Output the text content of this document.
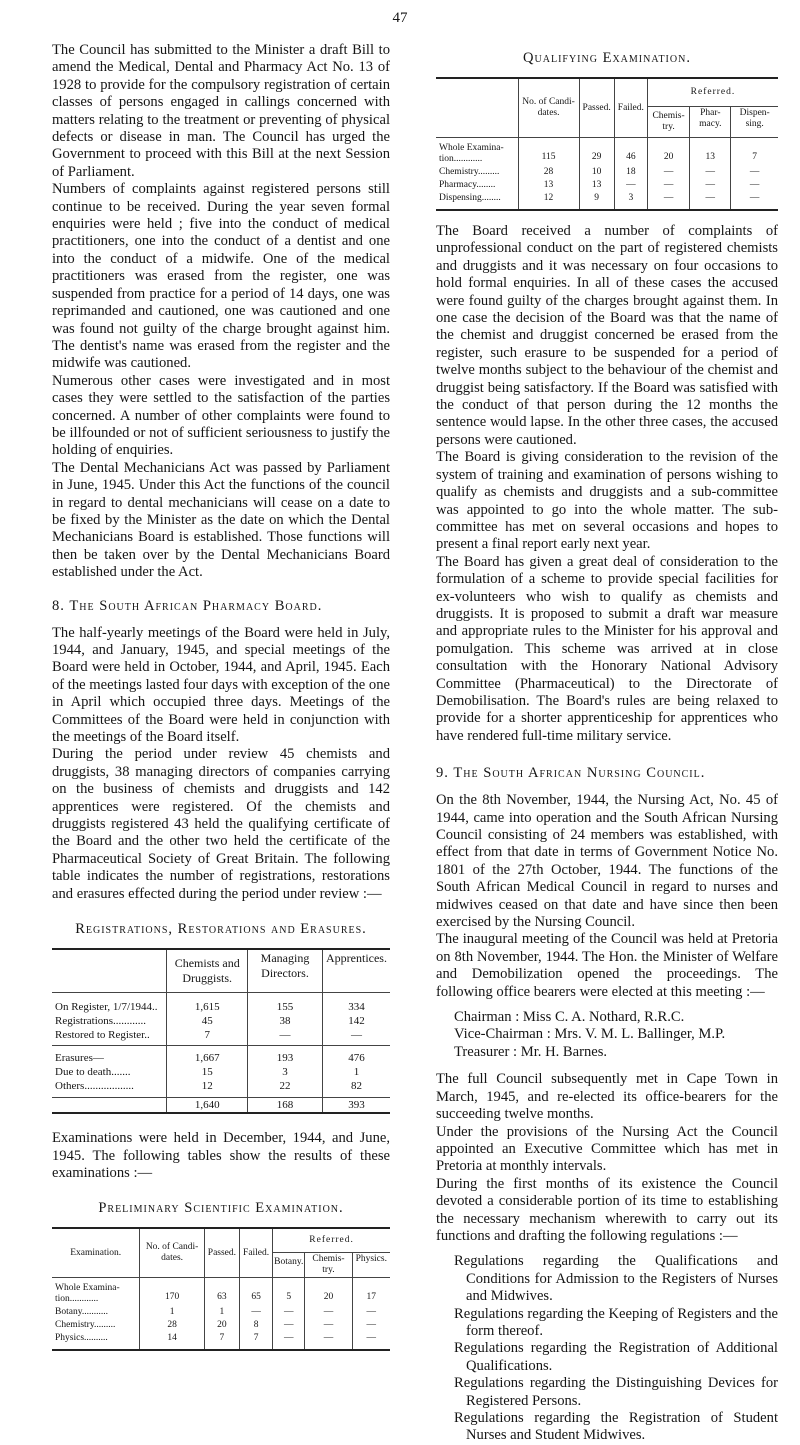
47

The Council has submitted to the Minister a draft Bill to amend the Medical, Dental and Pharmacy Act No. 13 of 1928 to provide for the compulsory registration of certain classes of persons engaged in callings concerned with matters relating to the treatment or preventing of physical defects or disease in man. The Council has urged the Government to proceed with this Bill at the next Session of Parliament.

Numbers of complaints against registered persons still continue to be received. During the year seven formal enquiries were held ; five into the conduct of medical practitioners, one into the conduct of a dentist and one into the conduct of a midwife. One of the medical practitioners was erased from the register, one was suspended from practice for a period of 14 days, one was reprimanded and cautioned, one was cautioned and one was found not guilty of the charge brought against him. The dentist's name was erased from the register and the midwife was cautioned.

Numerous other cases were investigated and in most cases they were settled to the satisfaction of the parties concerned. A number of other complaints were found to be illfounded or not of sufficient seriousness to justify the holding of enquiries.

The Dental Mechanicians Act was passed by Parliament in June, 1945. Under this Act the functions of the council in regard to dental mechanicians will cease on a date to be fixed by the Minister as the date on which the Dental Mechanicians Board is established. Those functions will then be taken over by the Dental Mechanicians Board established under the Act.

8. The South African Pharmacy Board.

The half-yearly meetings of the Board were held in July, 1944, and January, 1945, and special meetings of the Board were held in October, 1944, and April, 1945. Each of the meetings lasted four days with exception of the one in April which occupied three days. Meetings of the Committees of the Board were held in conjunction with the meetings of the Board itself.

During the period under review 45 chemists and druggists, 38 managing directors of companies carrying on the business of chemists and druggists and 142 apprentices were registered. Of the chemists and druggists registered 43 held the qualifying certificate of the Board and the other two held the certificate of the Pharmaceutical Society of Great Britain. The following table indicates the number of registrations, restorations and erasures effected during the period under review :—

Registrations, Restorations and Erasures.
	Chemists and Druggists.	Managing Directors.	Apprentices.
On Register, 1/7/1944..	1,615	155	334
Registrations............	45	38	142
Restored to Register..	7	—	—
Erasures—	1,667	193	476
Due to death.......	15	3	1
Others..................	12	22	82
	1,640	168	393

Examinations were held in December, 1944, and June, 1945. The following tables show the results of these examinations :—

Preliminary Scientific Examination.
Examination.	No. of Candi-dates.	Passed.	Failed.	Referred.		
				Botany.	Chemis-try.	Physics.
Whole Examina-tion............	170	63	65	5	20	17
Botany...........	1	1	—	—	—	—
Chemistry.........	28	20	8	—	—	—
Physics..........	14	7	7	—	—	—
Qualifying Examination.
	No. of Candi-dates.	Passed.	Failed.	Referred.		
				Chemis-try.	Phar-macy.	Dispen-sing.
Whole Examina-tion............	115	29	46	20	13	7
Chemistry.........	28	10	18	—	—	—
Pharmacy........	13	13	—	—	—	—
Dispensing........	12	9	3	—	—	—

The Board received a number of complaints of unprofessional conduct on the part of registered chemists and druggists and it was necessary on four occasions to hold formal enquiries. In all of these cases the accused were found guilty of the charges brought against them. In one case the decision of the Board was that the name of the chemist and druggist concerned be erased from the register, such erasure to be suspended for a period of twelve months subject to the behaviour of the chemist and druggist being satisfactory. If the Board was satisfied with the conduct of that person during the 12 months the sentence would lapse. In the other three cases, the accused persons were cautioned.

The Board is giving consideration to the revision of the system of training and examination of persons wishing to qualify as chemists and druggists and a sub-committee was appointed to go into the whole matter. The sub-committee has met on several occasions and hopes to present a final report early next year.

The Board has given a great deal of consideration to the formulation of a scheme to provide special facilities for ex-volunteers who wish to qualify as chemists and druggists. It is proposed to submit a draft war measure and appropriate rules to the Minister for his approval and pomulgation. This scheme was arrived at in close consultation with the Honorary National Advisory Committee (Pharmaceutical) to the Directorate of Demobilisation. The Board's rules are being relaxed to provide for a shorter apprenticeship for apprentices who have rendered full-time military service.

9. The South African Nursing Council.

On the 8th November, 1944, the Nursing Act, No. 45 of 1944, came into operation and the South African Nursing Council consisting of 24 members was established, with effect from that date in terms of Government Notice No. 1801 of the 27th October, 1944. The functions of the South African Medical Council in regard to nurses and midwives ceased on that date and have since then been exercised by the Nursing Council.

The inaugural meeting of the Council was held at Pretoria on 8th November, 1944. The Hon. the Minister of Welfare and Demobilization opened the proceedings. The following office bearers were elected at this meeting :—

Chairman : Miss C. A. Nothard, R.R.C.

Vice-Chairman : Mrs. V. M. L. Ballinger, M.P.

Treasurer : Mr. H. Barnes.

The full Council subsequently met in Cape Town in March, 1945, and re-elected its office-bearers for the succeeding twelve months.

Under the provisions of the Nursing Act the Council appointed an Executive Committee which has met in Pretoria at monthly intervals.

During the first months of its existence the Council devoted a considerable portion of its time to establishing the necessary mechanism wherewith to carry out its functions and drafting the following regulations :—

Regulations regarding the Qualifications and Conditions for Admission to the Registers of Nurses and Midwives.

Regulations regarding the Keeping of Registers and the form thereof.

Regulations regarding the Registration of Additional Qualifications.

Regulations regarding the Distinguishing Devices for Registered Persons.

Regulations regarding the Registration of Student Nurses and Student Midwives.
